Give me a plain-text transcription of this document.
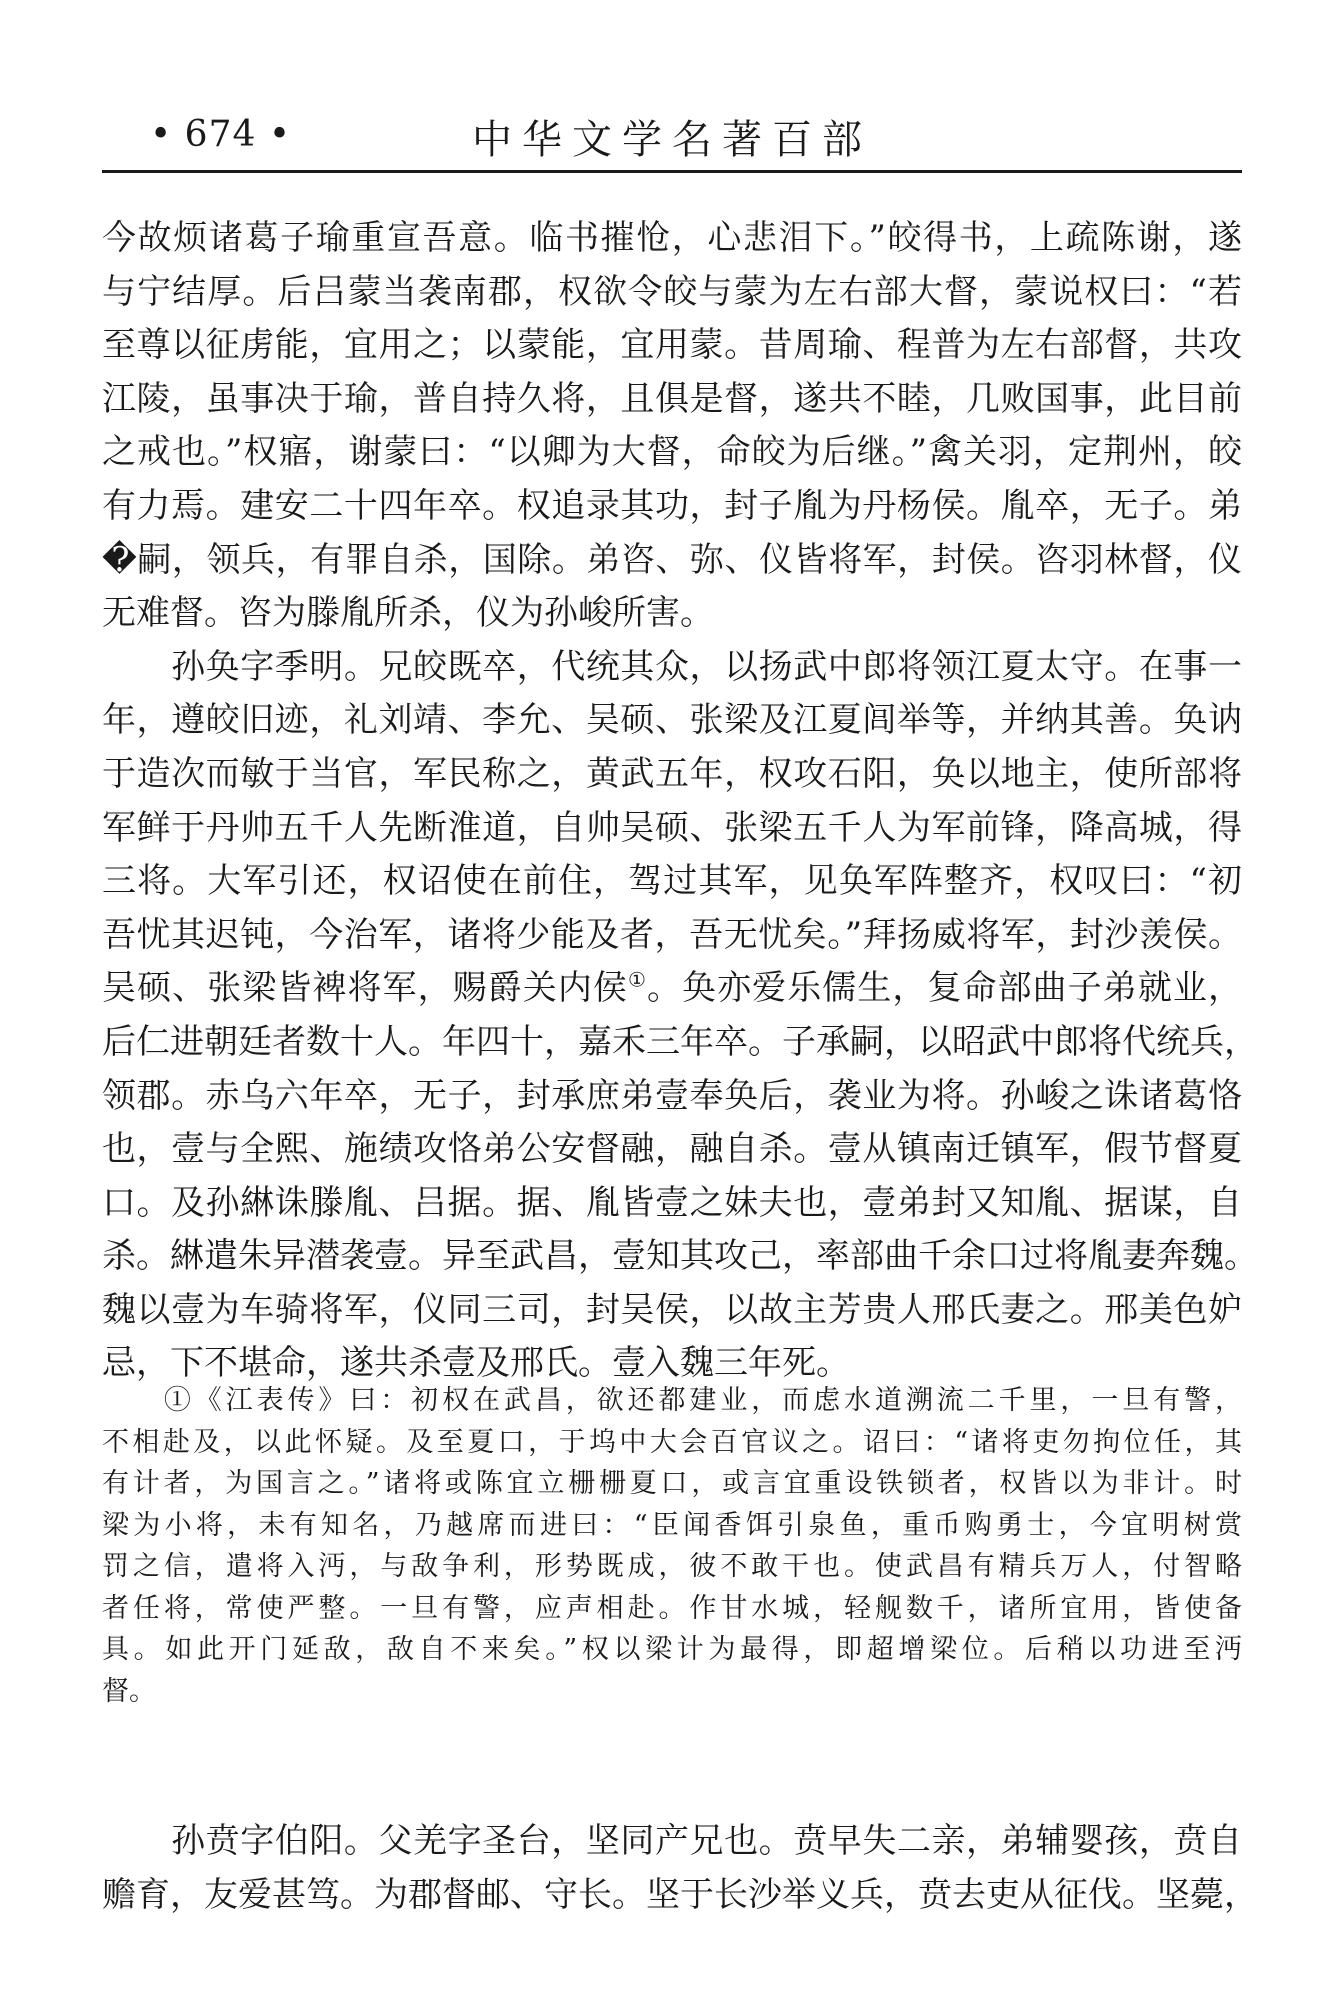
• 674 •	中华文学名著百部
今故烦诸葛子瑜重宣吾意。临书摧怆，心悲泪下。”皎得书，上疏陈谢，遂
与宁结厚。后吕蒙当袭南郡，权欲令皎与蒙为左右部大督，蒙说权曰：“若
至尊以征虏能，宜用之；以蒙能，宜用蒙。昔周瑜、程普为左右部督，共攻
江陵，虽事决于瑜，普自持久将，且俱是督，遂共不睦，几败国事，此目前
之戒也。”权寤，谢蒙曰：“以卿为大督，命皎为后继。”禽关羽，定荆州，皎
有力焉。建安二十四年卒。权追录其功，封子胤为丹杨侯。胤卒，无子。弟
�嗣，领兵，有罪自杀，国除。弟咨、弥、仪皆将军，封侯。咨羽林督，仪
无难督。咨为滕胤所杀，仪为孙峻所害。
　　孙奂字季明。兄皎既卒，代统其众，以扬武中郎将领江夏太守。在事一
年，遵皎旧迹，礼刘靖、李允、吴硕、张梁及江夏闾举等，并纳其善。奂讷
于造次而敏于当官，军民称之，黄武五年，权攻石阳，奂以地主，使所部将
军鲜于丹帅五千人先断淮道，自帅吴硕、张梁五千人为军前锋，降高城，得
三将。大军引还，权诏使在前住，驾过其军，见奂军阵整齐，权叹曰：“初
吾忧其迟钝，今治军，诸将少能及者，吾无忧矣。”拜扬威将军，封沙羡侯。
吴硕、张梁皆裨将军，赐爵关内侯①。奂亦爱乐儒生，复命部曲子弟就业，
后仁进朝廷者数十人。年四十，嘉禾三年卒。子承嗣，以昭武中郎将代统兵，
领郡。赤乌六年卒，无子，封承庶弟壹奉奂后，袭业为将。孙峻之诛诸葛恪
也，壹与全熙、施绩攻恪弟公安督融，融自杀。壹从镇南迁镇军，假节督夏
口。及孙綝诛滕胤、吕据。据、胤皆壹之妹夫也，壹弟封又知胤、据谋，自
杀。綝遣朱异潜袭壹。异至武昌，壹知其攻己，率部曲千余口过将胤妻奔魏。
魏以壹为车骑将军，仪同三司，封吴侯，以故主芳贵人邢氏妻之。邢美色妒
忌，下不堪命，遂共杀壹及邢氏。壹入魏三年死。
　　①《江表传》曰：初权在武昌，欲还都建业，而虑水道溯流二千里，一旦有警，
不相赴及，以此怀疑。及至夏口，于坞中大会百官议之。诏曰：“诸将吏勿拘位任，其
有计者，为国言之。”诸将或陈宜立栅栅夏口，或言宜重设铁锁者，权皆以为非计。时
梁为小将，未有知名，乃越席而进曰：“臣闻香饵引泉鱼，重币购勇士，今宜明树赏
罚之信，遣将入沔，与敌争利，形势既成，彼不敢干也。使武昌有精兵万人，付智略
者任将，常使严整。一旦有警，应声相赴。作甘水城，轻舰数千，诸所宜用，皆使备
具。如此开门延敌，敌自不来矣。”权以梁计为最得，即超增梁位。后稍以功进至沔
督。
　　孙贲字伯阳。父羌字圣台，坚同产兄也。贲早失二亲，弟辅婴孩，贲自
赡育，友爱甚笃。为郡督邮、守长。坚于长沙举义兵，贲去吏从征伐。坚薨，
